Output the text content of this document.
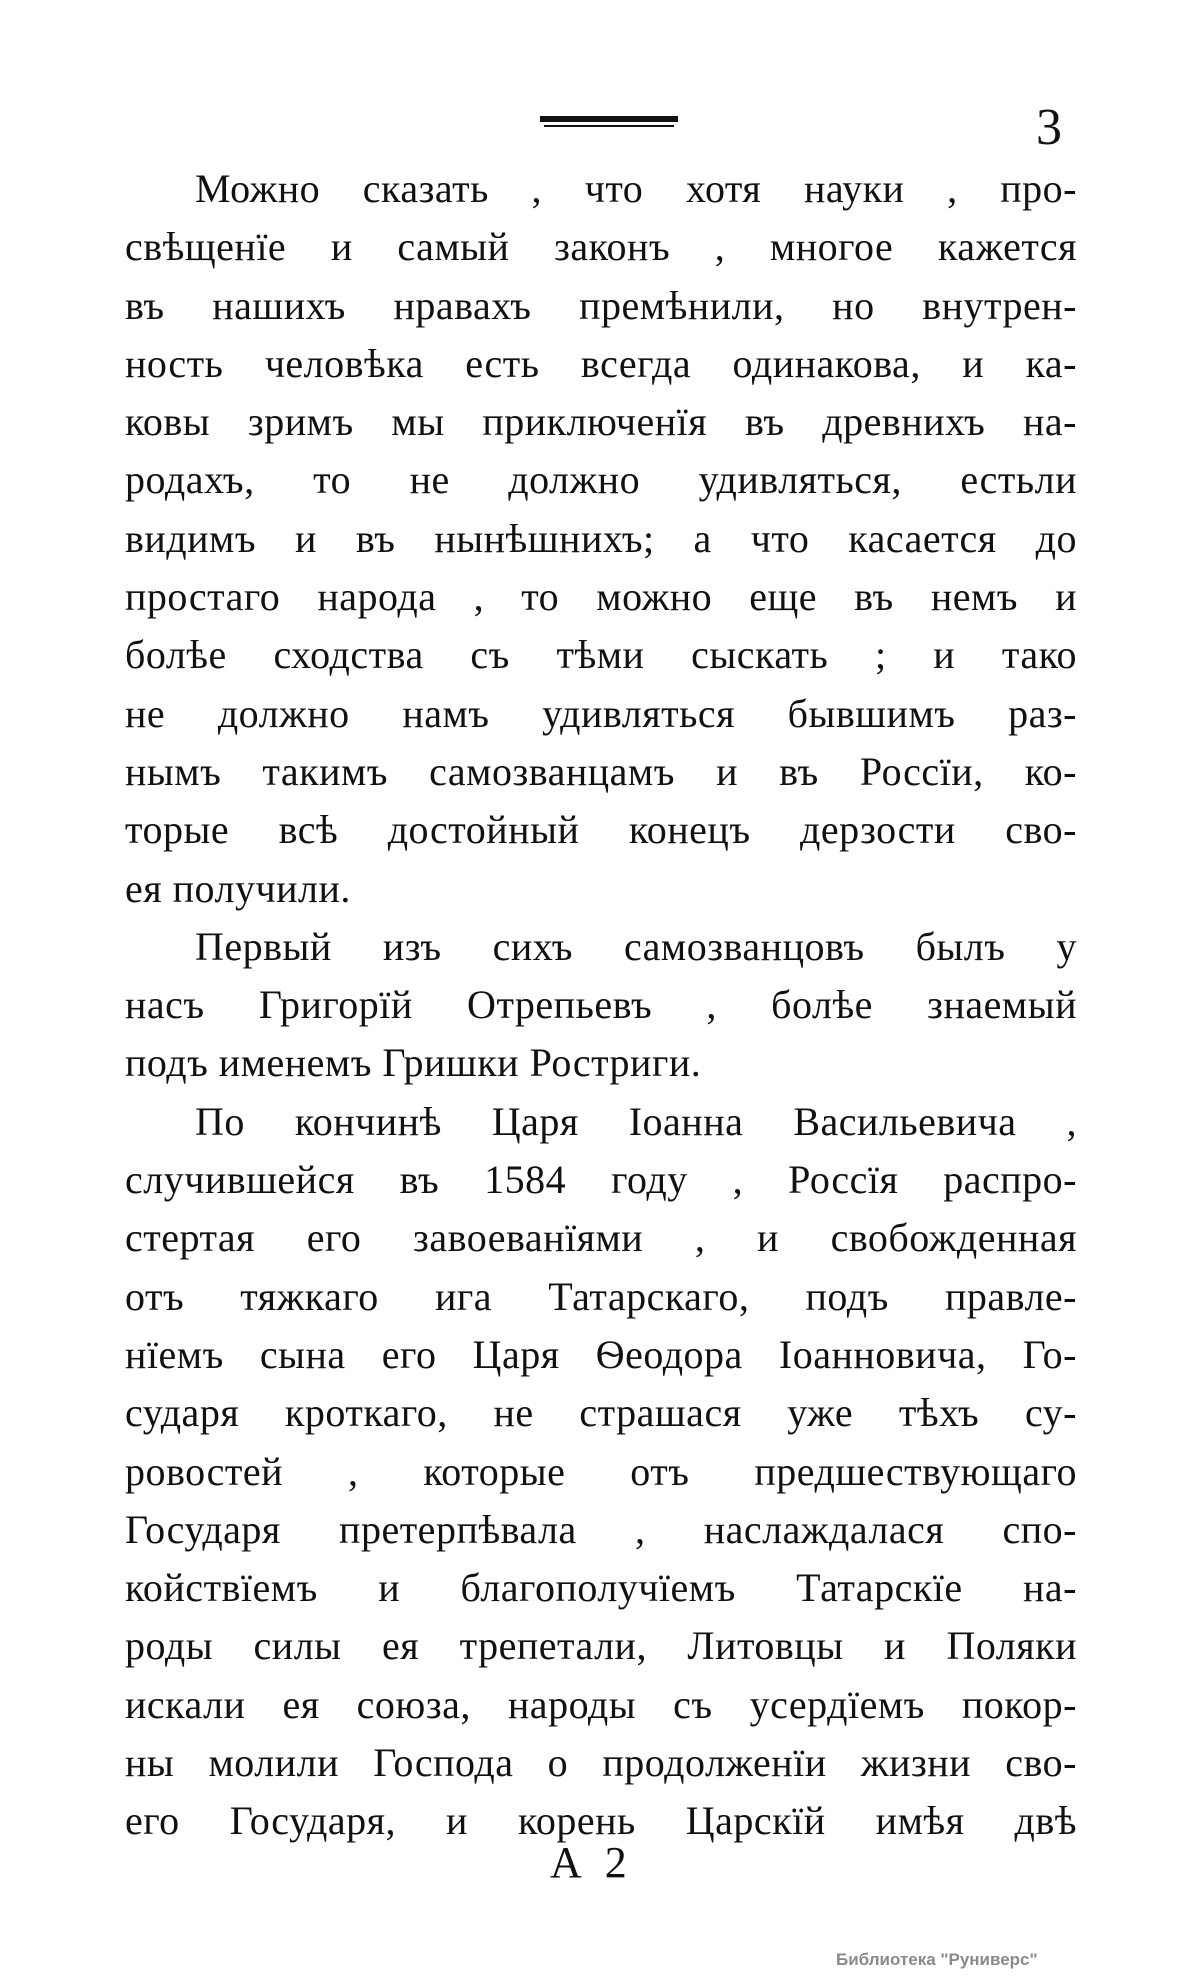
3
Можно сказать , что хотя науки , про-
свѣщенїе и самый законъ , многое кажется
въ нашихъ нравахъ премѣнили, но внутрен-
ность человѣка есть всегда одинакова, и ка-
ковы зримъ мы приключенїя въ древнихъ на-
родахъ, то не должно удивляться, естьли
видимъ и въ нынѣшнихъ; а что касается до
простаго народа , то можно еще въ немъ и
болѣе сходства съ тѣми сыскать ; и тако
не должно намъ удивляться бывшимъ раз-
нымъ такимъ самозванцамъ и въ Россїи, ко-
торые всѣ достойный конецъ дерзости сво-
ея получили.
Первый изъ сихъ самозванцовъ былъ у
насъ Григорїй Отрепьевъ , болѣе знаемый
подъ именемъ Гришки Ростриги.
По кончинѣ Царя Іоанна Васильевича ,
случившейся въ 1584 году , Россїя распро-
стертая его завоеванїями , и свобожденная
отъ тяжкаго ига Татарскаго, подъ правле-
нїемъ сына его Царя Ѳеодора Іоанновича, Го-
сударя кроткаго, не страшася уже тѣхъ су-
ровостей , которые отъ предшествующаго
Государя претерпѣвала , наслаждалася спо-
койствїемъ и благополучїемъ Татарскїе на-
роды силы ея трепетали, Литовцы и Поляки
искали ея союза, народы съ усердїемъ покор-
ны молили Господа о продолженїи жизни сво-
его Государя, и корень Царскїй имѣя двѣ
А 2
Библиотека "Руниверс"
